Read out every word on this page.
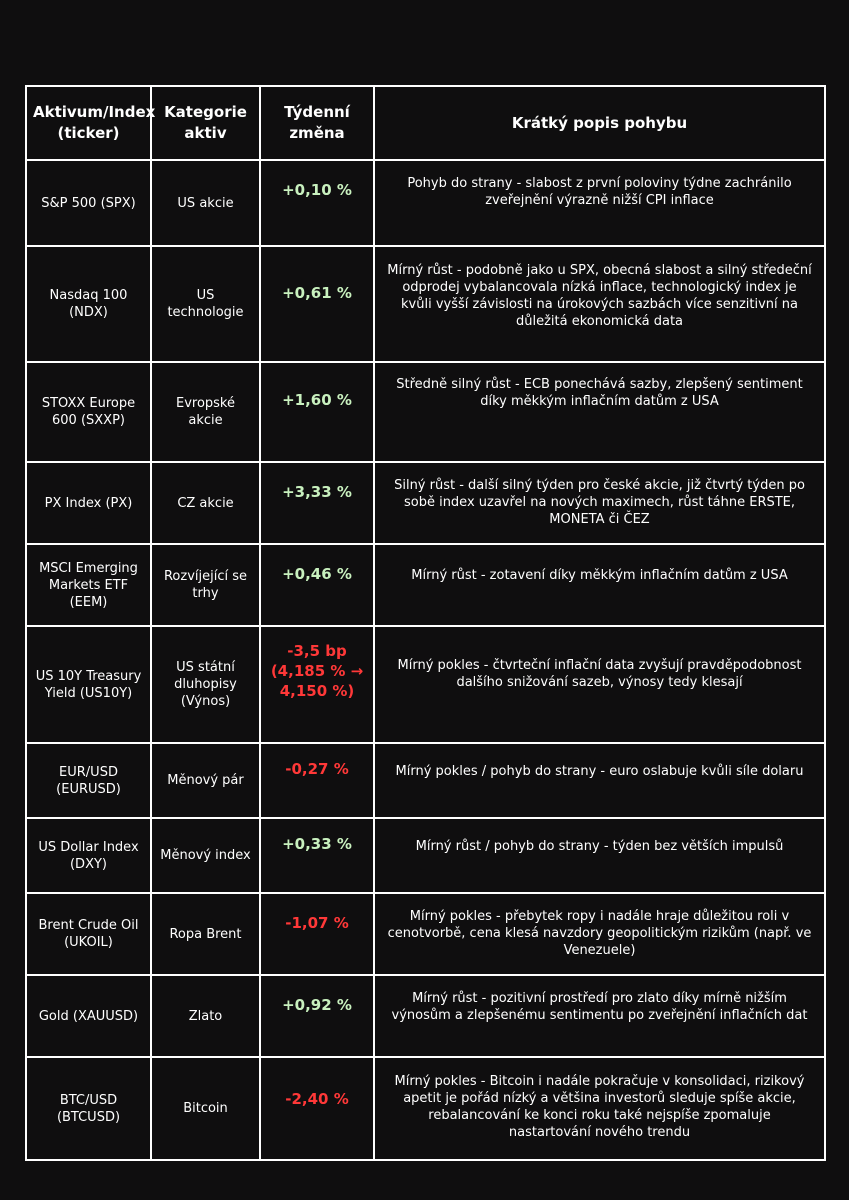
Aktivum/Index (ticker)	Kategorie aktiv	Týdenní změna	Krátký popis pohybu
S&P 500 (SPX)	US akcie	+0,10 %	Pohyb do strany - slabost z první poloviny týdne zachránilo zveřejnění výrazně nižší CPI inflace
Nasdaq 100 (NDX)	US technologie	+0,61 %	Mírný růst - podobně jako u SPX, obecná slabost a silný středeční odprodej vybalancovala nízká inflace, technologický index je kvůli vyšší závislosti na úrokových sazbách více senzitivní na důležitá ekonomická data
STOXX Europe 600 (SXXP)	Evropské akcie	+1,60 %	Středně silný růst - ECB ponechává sazby, zlepšený sentiment díky měkkým inflačním datům z USA
PX Index (PX)	CZ akcie	+3,33 %	Silný růst - další silný týden pro české akcie, již čtvrtý týden po sobě index uzavřel na nových maximech, růst táhne ERSTE, MONETA či ČEZ
MSCI Emerging Markets ETF (EEM)	Rozvíjející se trhy	+0,46 %	Mírný růst - zotavení díky měkkým inflačním datům z USA
US 10Y Treasury Yield (US10Y)	US státní dluhopisy (Výnos)	-3,5 bp (4,185 % → 4,150 %)	Mírný pokles - čtvrteční inflační data zvyšují pravděpodobnost dalšího snižování sazeb, výnosy tedy klesají
EUR/USD (EURUSD)	Měnový pár	-0,27 %	Mírný pokles / pohyb do strany - euro oslabuje kvůli síle dolaru
US Dollar Index (DXY)	Měnový index	+0,33 %	Mírný růst / pohyb do strany - týden bez větších impulsů
Brent Crude Oil (UKOIL)	Ropa Brent	-1,07 %	Mírný pokles - přebytek ropy i nadále hraje důležitou roli v cenotvorbě, cena klesá navzdory geopolitickým rizikům (např. ve Venezuele)
Gold (XAUUSD)	Zlato	+0,92 %	Mírný růst - pozitivní prostředí pro zlato díky mírně nižším výnosům a zlepšenému sentimentu po zveřejnění inflačních dat
BTC/USD (BTCUSD)	Bitcoin	-2,40 %	Mírný pokles - Bitcoin i nadále pokračuje v konsolidaci, rizikový apetit je pořád nízký a většina investorů sleduje spíše akcie, rebalancování ke konci roku také nejspíše zpomaluje nastartování nového trendu
